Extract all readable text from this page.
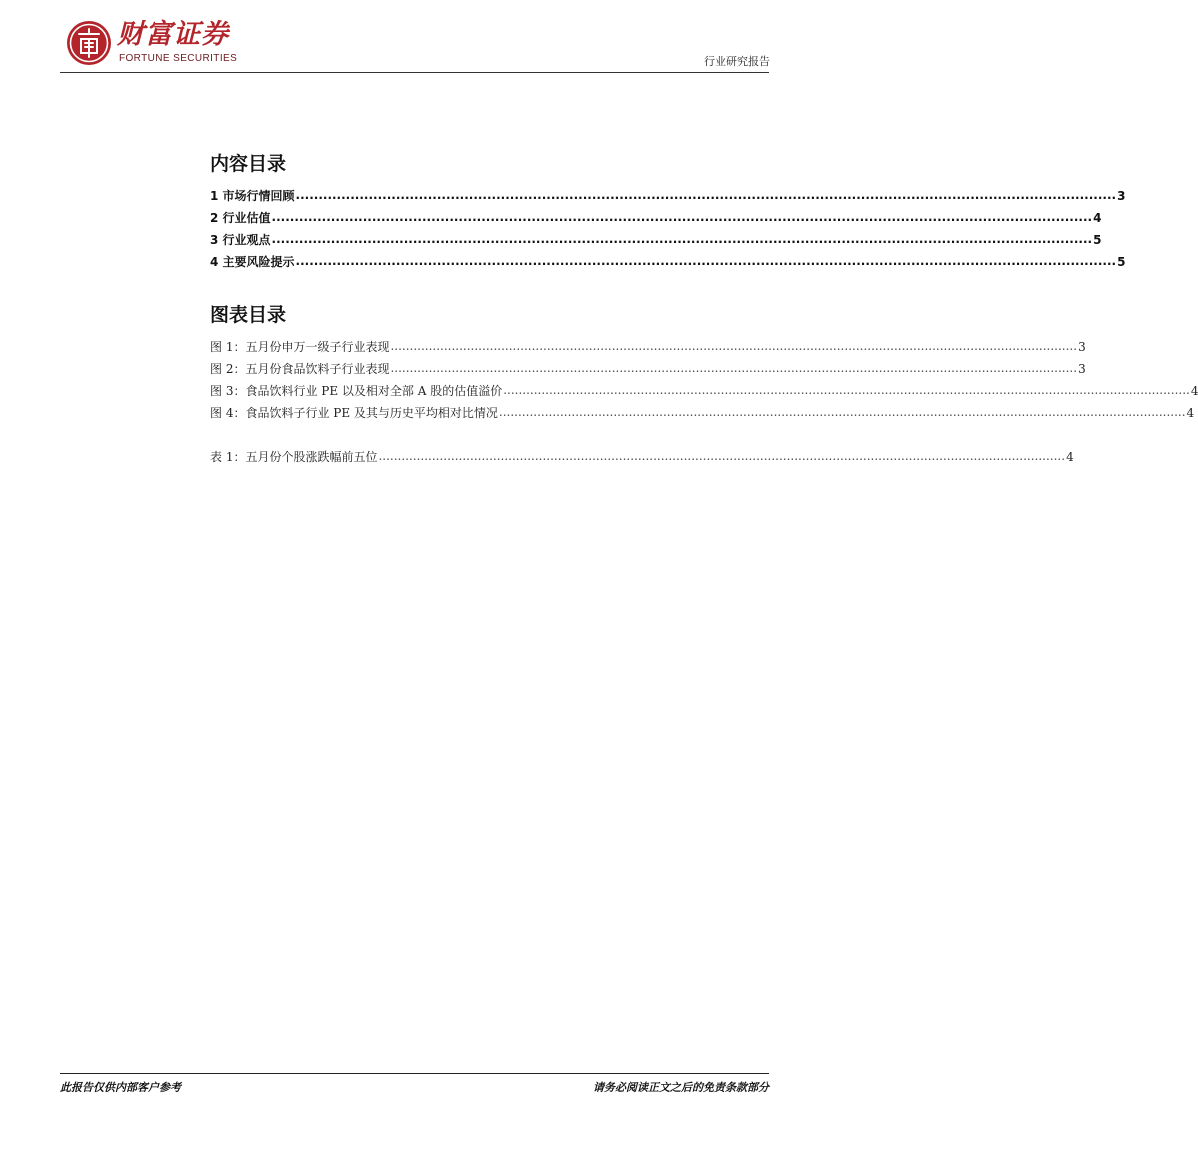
财富证券
FORTUNE SECURITIES	行业研究报告
内容目录
1 市场行情回顾 .................................................................................................................................................................................... 3
2 行业估值 .................................................................................................................................................................................... 4
3 行业观点 .................................................................................................................................................................................... 5
4 主要风险提示 .................................................................................................................................................................................... 5
图表目录
图 1：五月份申万一级子行业表现 .................................................................................................................................................................................... 3
图 2：五月份食品饮料子行业表现 .................................................................................................................................................................................... 3
图 3：食品饮料行业 PE 以及相对全部 A 股的估值溢价 .................................................................................................................................................................................... 4
图 4：食品饮料子行业 PE 及其与历史平均相对比情况 .................................................................................................................................................................................... 4
表 1：五月份个股涨跌幅前五位 .................................................................................................................................................................................... 4
此报告仅供内部客户参考	请务必阅读正文之后的免责条款部分
